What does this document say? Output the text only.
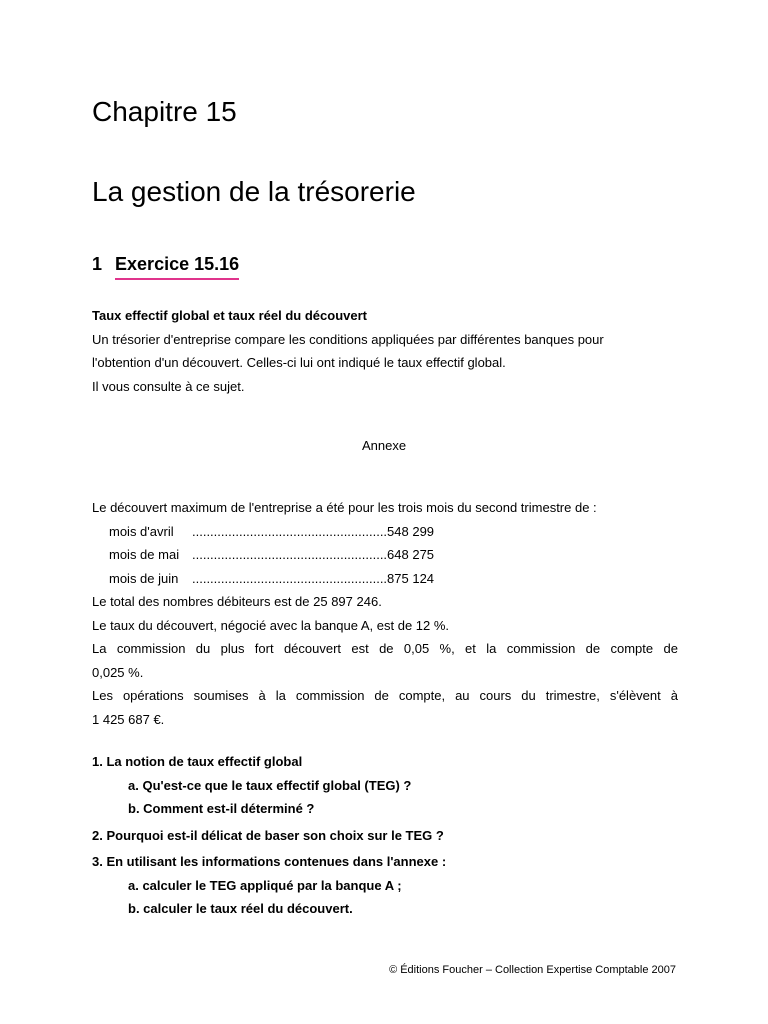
Chapitre 15
La gestion de la trésorerie
1 Exercice 15.16
Taux effectif global et taux réel du découvert
Un trésorier d'entreprise compare les conditions appliquées par différentes banques pour
l'obtention d'un découvert. Celles-ci lui ont indiqué le taux effectif global.
Il vous consulte à ce sujet.
Annexe
Le découvert maximum de l'entreprise a été pour les trois mois du second trimestre de :
mois d'avril ......................................................548 299
mois de mai ......................................................648 275
mois de juin ......................................................875 124
Le total des nombres débiteurs est de 25 897 246.
Le taux du découvert, négocié avec la banque A, est de 12 %.
La commission du plus fort découvert est de 0,05 %, et la commission de compte de
0,025 %.
Les opérations soumises à la commission de compte, au cours du trimestre, s'élèvent à
1 425 687 €.
1. La notion de taux effectif global
a. Qu'est-ce que le taux effectif global (TEG) ?
b. Comment est-il déterminé ?
2. Pourquoi est-il délicat de baser son choix sur le TEG ?
3. En utilisant les informations contenues dans l'annexe :
a. calculer le TEG appliqué par la banque A ;
b. calculer le taux réel du découvert.
© Éditions Foucher – Collection Expertise Comptable 2007
